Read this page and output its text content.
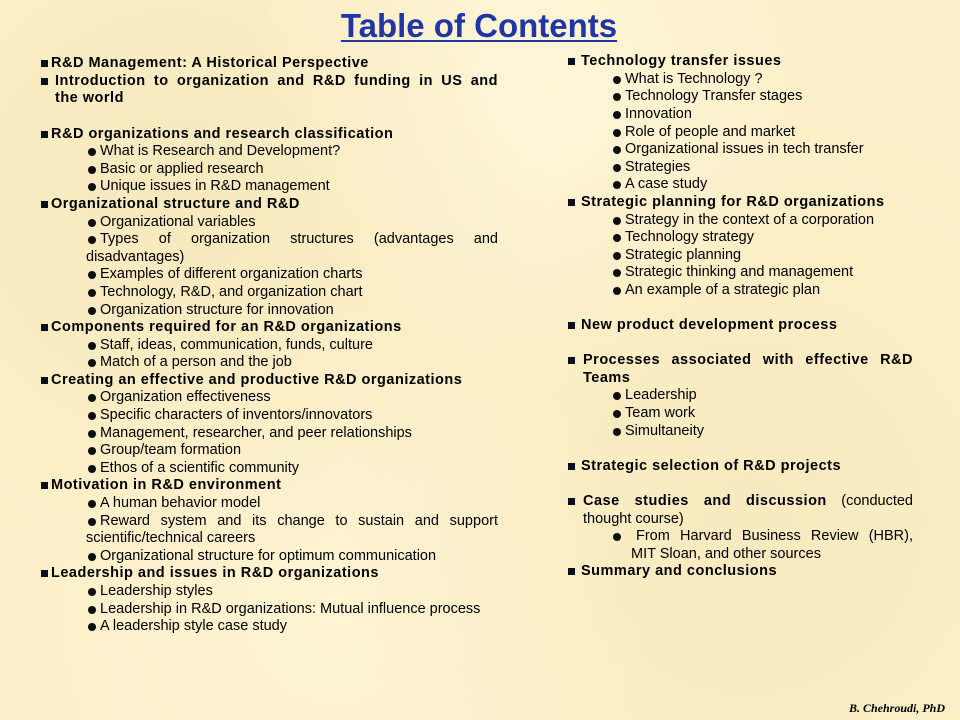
Table of Contents
R&D Management: A Historical Perspective
Introduction to organization and R&D funding in US and
the world
R&D organizations and research classification
What is Research and Development?
Basic or applied research
Unique issues in R&D management
Organizational structure and R&D
Organizational variables
Types of organization structures (advantages and
disadvantages)
Examples of different organization charts
Technology, R&D, and organization chart
Organization structure for innovation
Components required for an R&D organizations
Staff, ideas, communication, funds, culture
Match of a person and the job
Creating an effective and productive R&D organizations
Organization effectiveness
Specific characters of inventors/innovators
Management, researcher, and peer relationships
Group/team formation
Ethos of a scientific community
Motivation in R&D environment
A human behavior model
Reward system and its change to sustain and support
scientific/technical careers
Organizational structure for optimum communication
Leadership and issues in R&D organizations
Leadership styles
Leadership in R&D organizations: Mutual influence process
A leadership style case study
Technology transfer issues
What is Technology ?
Technology Transfer stages
Innovation
Role of people and market
Organizational issues in tech transfer
Strategies
A case study
Strategic planning for R&D organizations
Strategy in the context of a corporation
Technology strategy
Strategic planning
Strategic thinking and management
An example of a strategic plan
New product development process
Processes associated with effective R&D
Teams
Leadership
Team work
Simultaneity
Strategic selection of R&D projects
Case studies and discussion (conducted
thought course)
From Harvard Business Review (HBR),
MIT Sloan, and other sources
Summary and conclusions
B. Chehroudi, PhD
